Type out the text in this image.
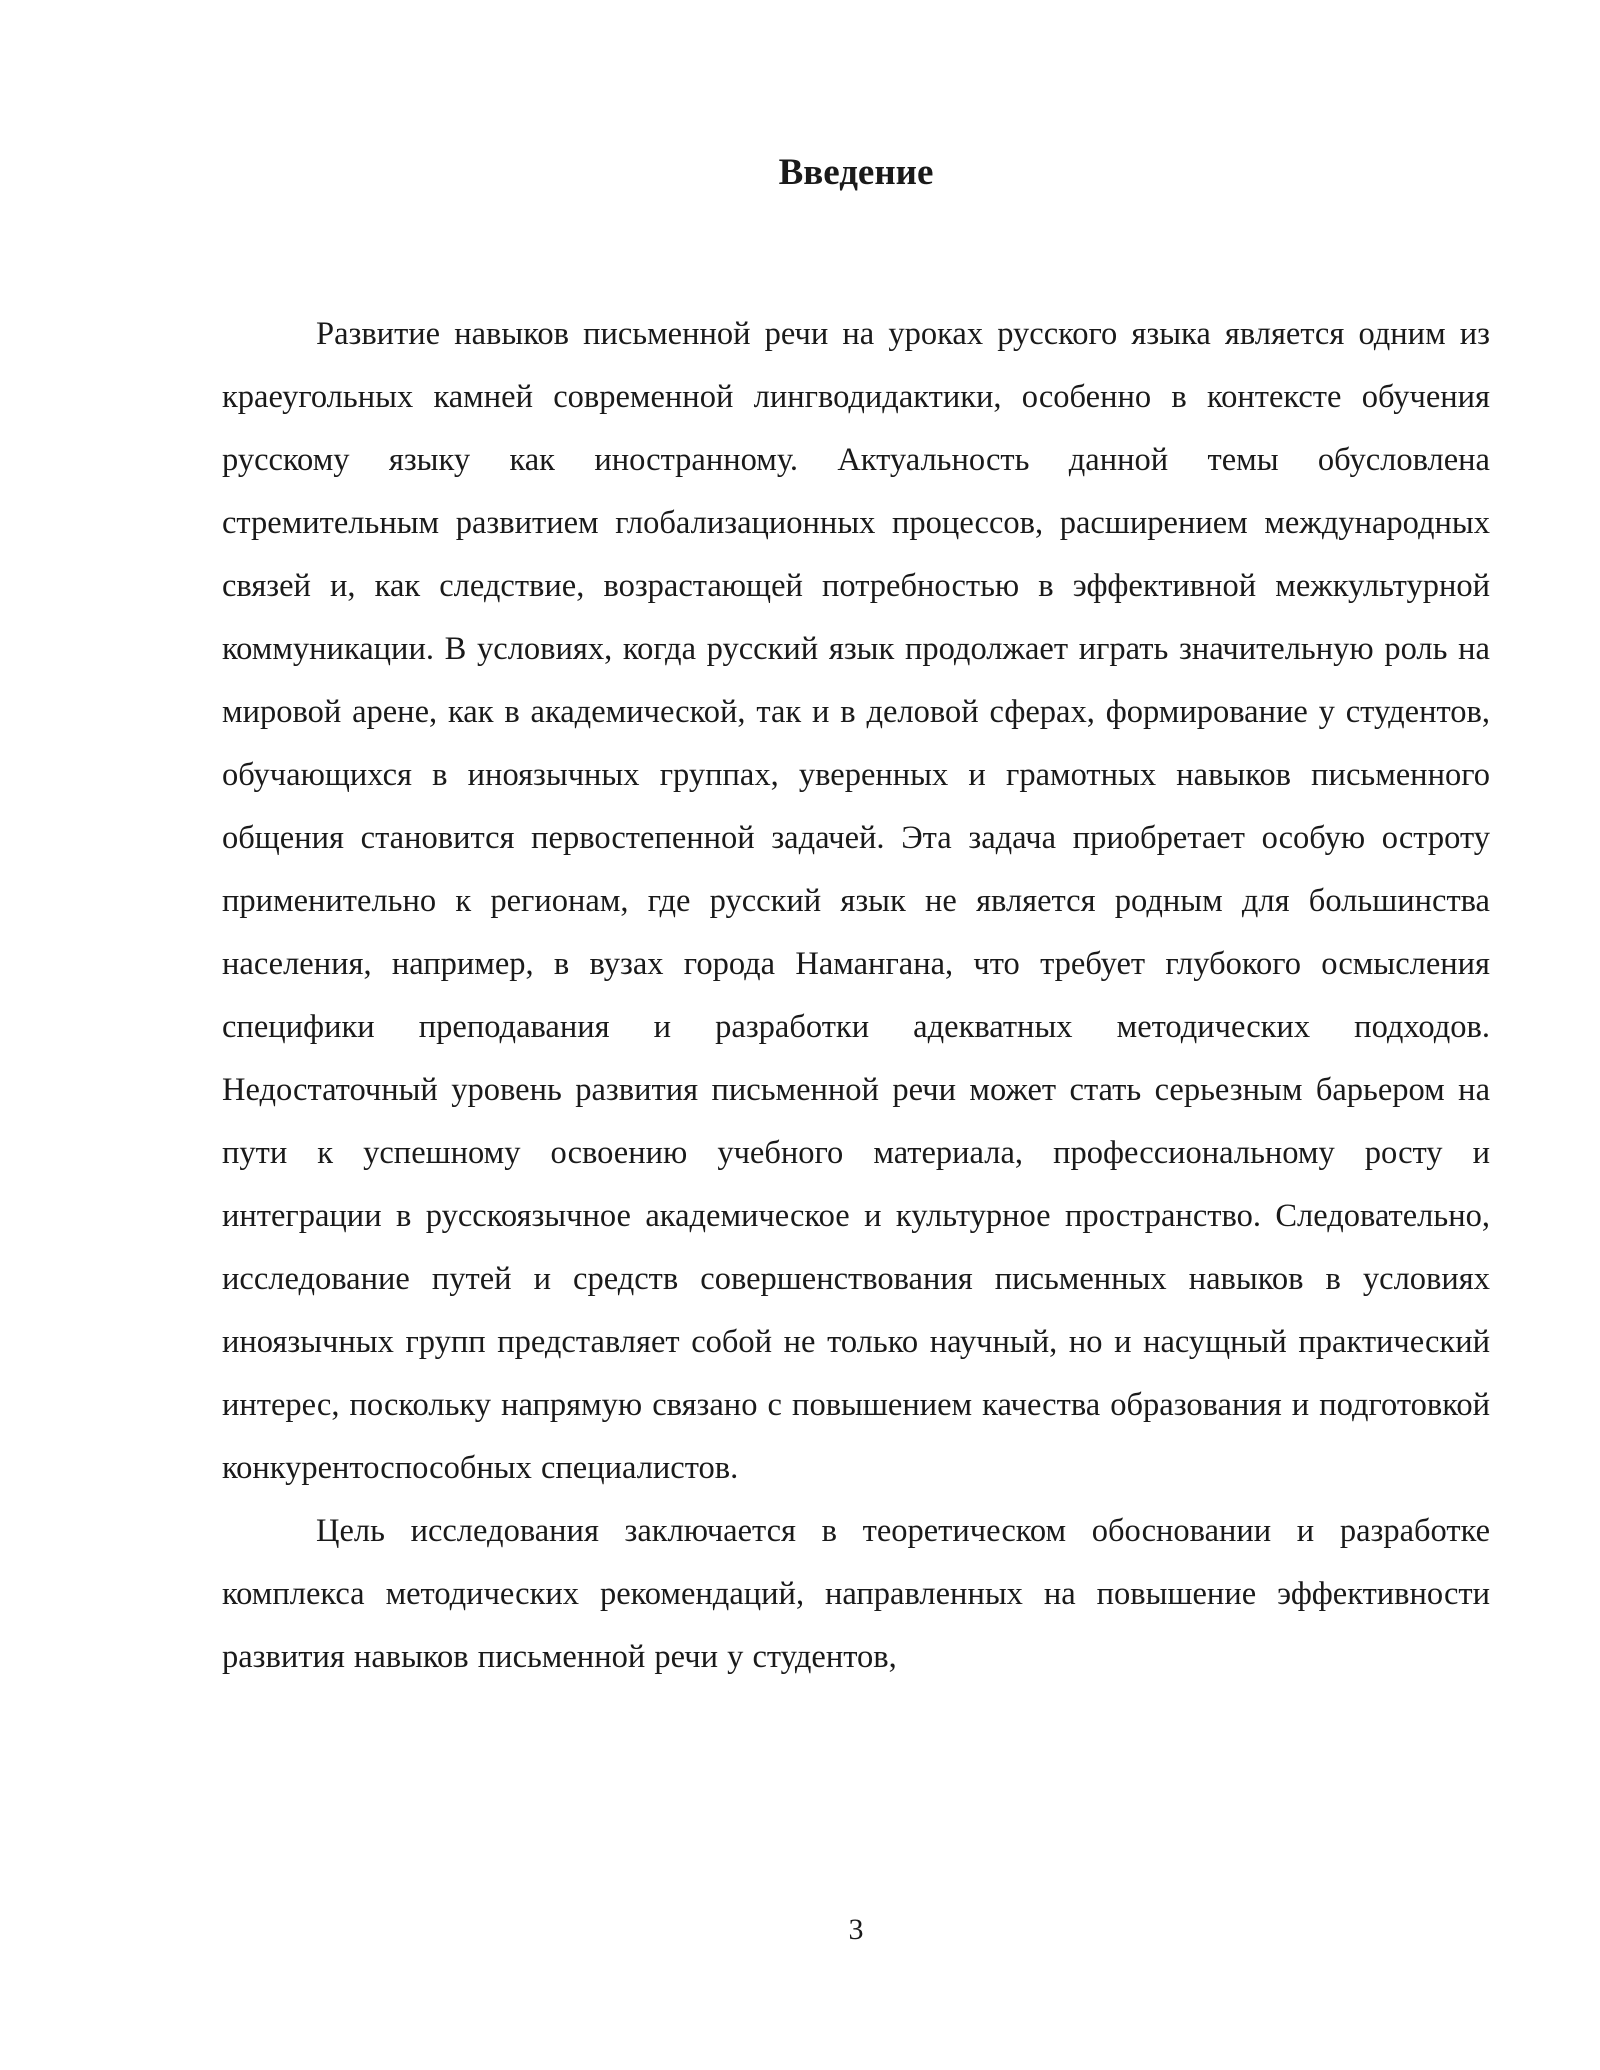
Введение

Развитие навыков письменной речи на уроках русского языка является одним из краеугольных камней современной лингводидактики, особенно в контексте обучения русскому языку как иностранному. Актуальность данной темы обусловлена стремительным развитием глобализационных процессов, расширением международных связей и, как следствие, возрастающей потребностью в эффективной межкультурной коммуникации. В условиях, когда русский язык продолжает играть значительную роль на мировой арене, как в академической, так и в деловой сферах, формирование у студентов, обучающихся в иноязычных группах, уверенных и грамотных навыков письменного общения становится первостепенной задачей. Эта задача приобретает особую остроту применительно к регионам, где русский язык не является родным для большинства населения, например, в вузах города Намангана, что требует глубокого осмысления специфики преподавания и разработки адекватных методических подходов. Недостаточный уровень развития письменной речи может стать серьезным барьером на пути к успешному освоению учебного материала, профессиональному росту и интеграции в русскоязычное академическое и культурное пространство. Следовательно, исследование путей и средств совершенствования письменных навыков в условиях иноязычных групп представляет собой не только научный, но и насущный практический интерес, поскольку напрямую связано с повышением качества образования и подготовкой конкурентоспособных специалистов.

Цель исследования заключается в теоретическом обосновании и разработке комплекса методических рекомендаций, направленных на повышение эффективности развития навыков письменной речи у студентов,

3
